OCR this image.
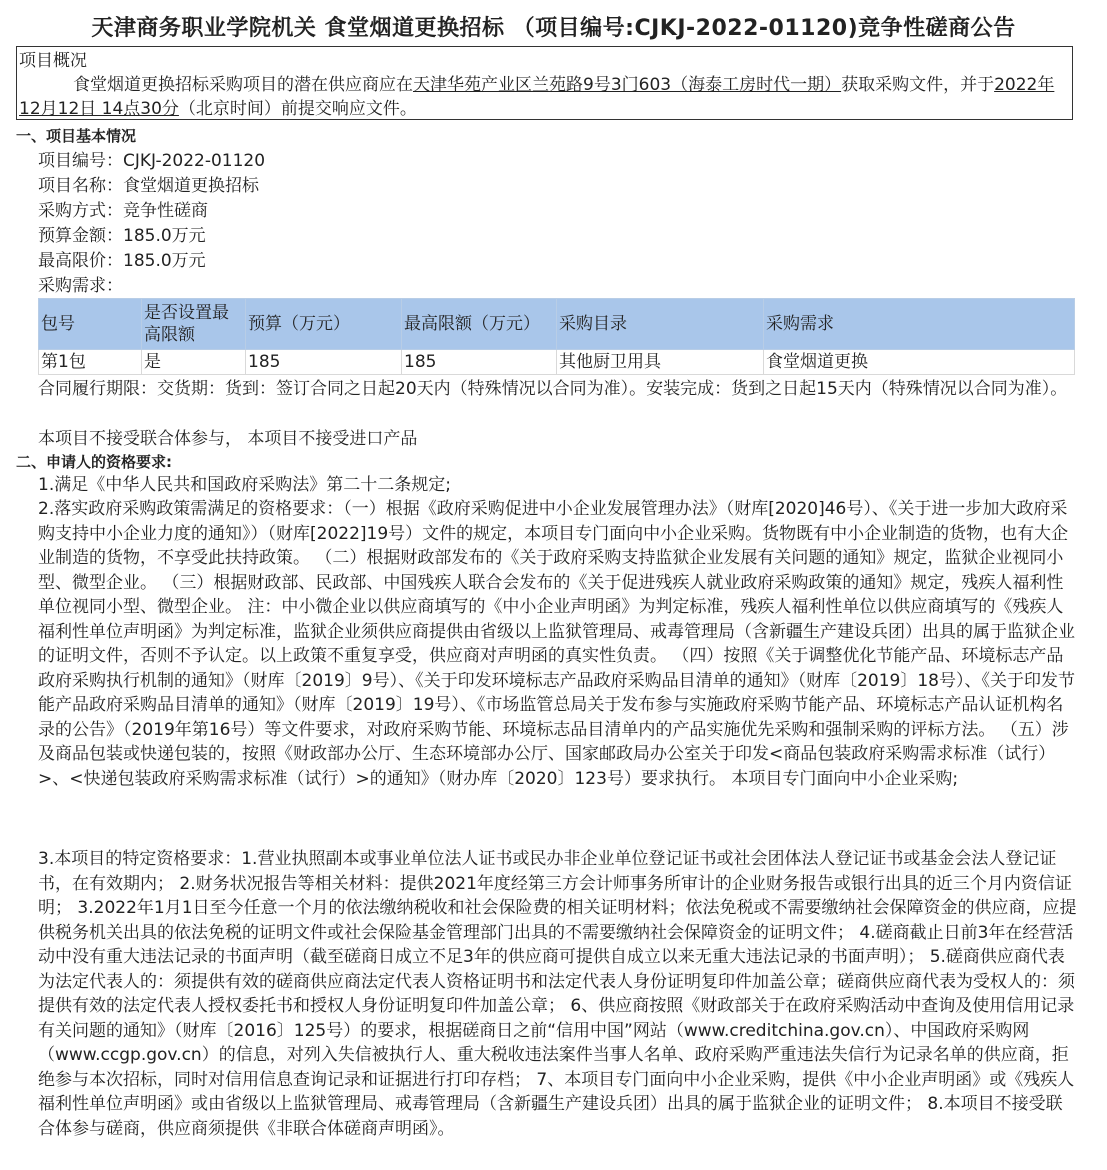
天津商务职业学院机关 食堂烟道更换招标 （项目编号:CJKJ-2022-01120)竞争性磋商公告
项目概况
食堂烟道更换招标采购项目的潜在供应商应在天津华苑产业区兰苑路9号3门603（海泰工房时代一期）获取采购文件，并于2022年12月12日 14点30分（北京时间）前提交响应文件。
一、项目基本情况
项目编号：CJKJ-2022-01120
项目名称：食堂烟道更换招标
采购方式：竞争性磋商
预算金额：185.0万元
最高限价：185.0万元
采购需求：
包号	是否设置最高限额	预算（万元）	最高限额（万元）	采购目录	采购需求
第1包	是	185	185	其他厨卫用具	食堂烟道更换
合同履行期限：交货期：货到：签订合同之日起20天内（特殊情况以合同为准）。安装完成：货到之日起15天内（特殊情况以合同为准）。
本项目不接受联合体参与， 本项目不接受进口产品
二、申请人的资格要求:
1.满足《中华人民共和国政府采购法》第二十二条规定;
2.落实政府采购政策需满足的资格要求：（一）根据《政府采购促进中小企业发展管理办法》（财库[2020]46号）、《关于进一步加大政府采购支持中小企业力度的通知》）（财库[2022]19号）文件的规定，本项目专门面向中小企业采购。货物既有中小企业制造的货物，也有大企业制造的货物，不享受此扶持政策。 （二）根据财政部发布的《关于政府采购支持监狱企业发展有关问题的通知》规定，监狱企业视同小型、微型企业。 （三）根据财政部、民政部、中国残疾人联合会发布的《关于促进残疾人就业政府采购政策的通知》规定，残疾人福利性单位视同小型、微型企业。 注：中小微企业以供应商填写的《中小企业声明函》为判定标准，残疾人福利性单位以供应商填写的《残疾人福利性单位声明函》为判定标准，监狱企业须供应商提供由省级以上监狱管理局、戒毒管理局（含新疆生产建设兵团）出具的属于监狱企业的证明文件，否则不予认定。以上政策不重复享受，供应商对声明函的真实性负责。 （四）按照《关于调整优化节能产品、环境标志产品政府采购执行机制的通知》（财库〔2019〕9号）、《关于印发环境标志产品政府采购品目清单的通知》（财库〔2019〕18号）、《关于印发节能产品政府采购品目清单的通知》（财库〔2019〕19号）、《市场监管总局关于发布参与实施政府采购节能产品、环境标志产品认证机构名录的公告》（2019年第16号）等文件要求，对政府采购节能、环境标志品目清单内的产品实施优先采购和强制采购的评标方法。 （五）涉及商品包装或快递包装的，按照《财政部办公厅、生态环境部办公厅、国家邮政局办公室关于印发<商品包装政府采购需求标准（试行）>、<快递包装政府采购需求标准（试行）>的通知》（财办库〔2020〕123号）要求执行。 本项目专门面向中小企业采购;
3.本项目的特定资格要求：1.营业执照副本或事业单位法人证书或民办非企业单位登记证书或社会团体法人登记证书或基金会法人登记证书，在有效期内； 2.财务状况报告等相关材料：提供2021年度经第三方会计师事务所审计的企业财务报告或银行出具的近三个月内资信证明； 3.2022年1月1日至今任意一个月的依法缴纳税收和社会保险费的相关证明材料；依法免税或不需要缴纳社会保障资金的供应商，应提供税务机关出具的依法免税的证明文件或社会保险基金管理部门出具的不需要缴纳社会保障资金的证明文件； 4.磋商截止日前3年在经营活动中没有重大违法记录的书面声明（截至磋商日成立不足3年的供应商可提供自成立以来无重大违法记录的书面声明）； 5.磋商供应商代表为法定代表人的：须提供有效的磋商供应商法定代表人资格证明书和法定代表人身份证明复印件加盖公章；磋商供应商代表为受权人的：须提供有效的法定代表人授权委托书和授权人身份证明复印件加盖公章； 6、供应商按照《财政部关于在政府采购活动中查询及使用信用记录有关问题的通知》（财库〔2016〕125号）的要求，根据磋商日之前“信用中国”网站（www.creditchina.gov.cn）、中国政府采购网（www.ccgp.gov.cn）的信息，对列入失信被执行人、重大税收违法案件当事人名单、政府采购严重违法失信行为记录名单的供应商，拒绝参与本次招标，同时对信用信息查询记录和证据进行打印存档； 7、本项目专门面向中小企业采购，提供《中小企业声明函》或《残疾人福利性单位声明函》或由省级以上监狱管理局、戒毒管理局（含新疆生产建设兵团）出具的属于监狱企业的证明文件； 8.本项目不接受联合体参与磋商，供应商须提供《非联合体磋商声明函》。
